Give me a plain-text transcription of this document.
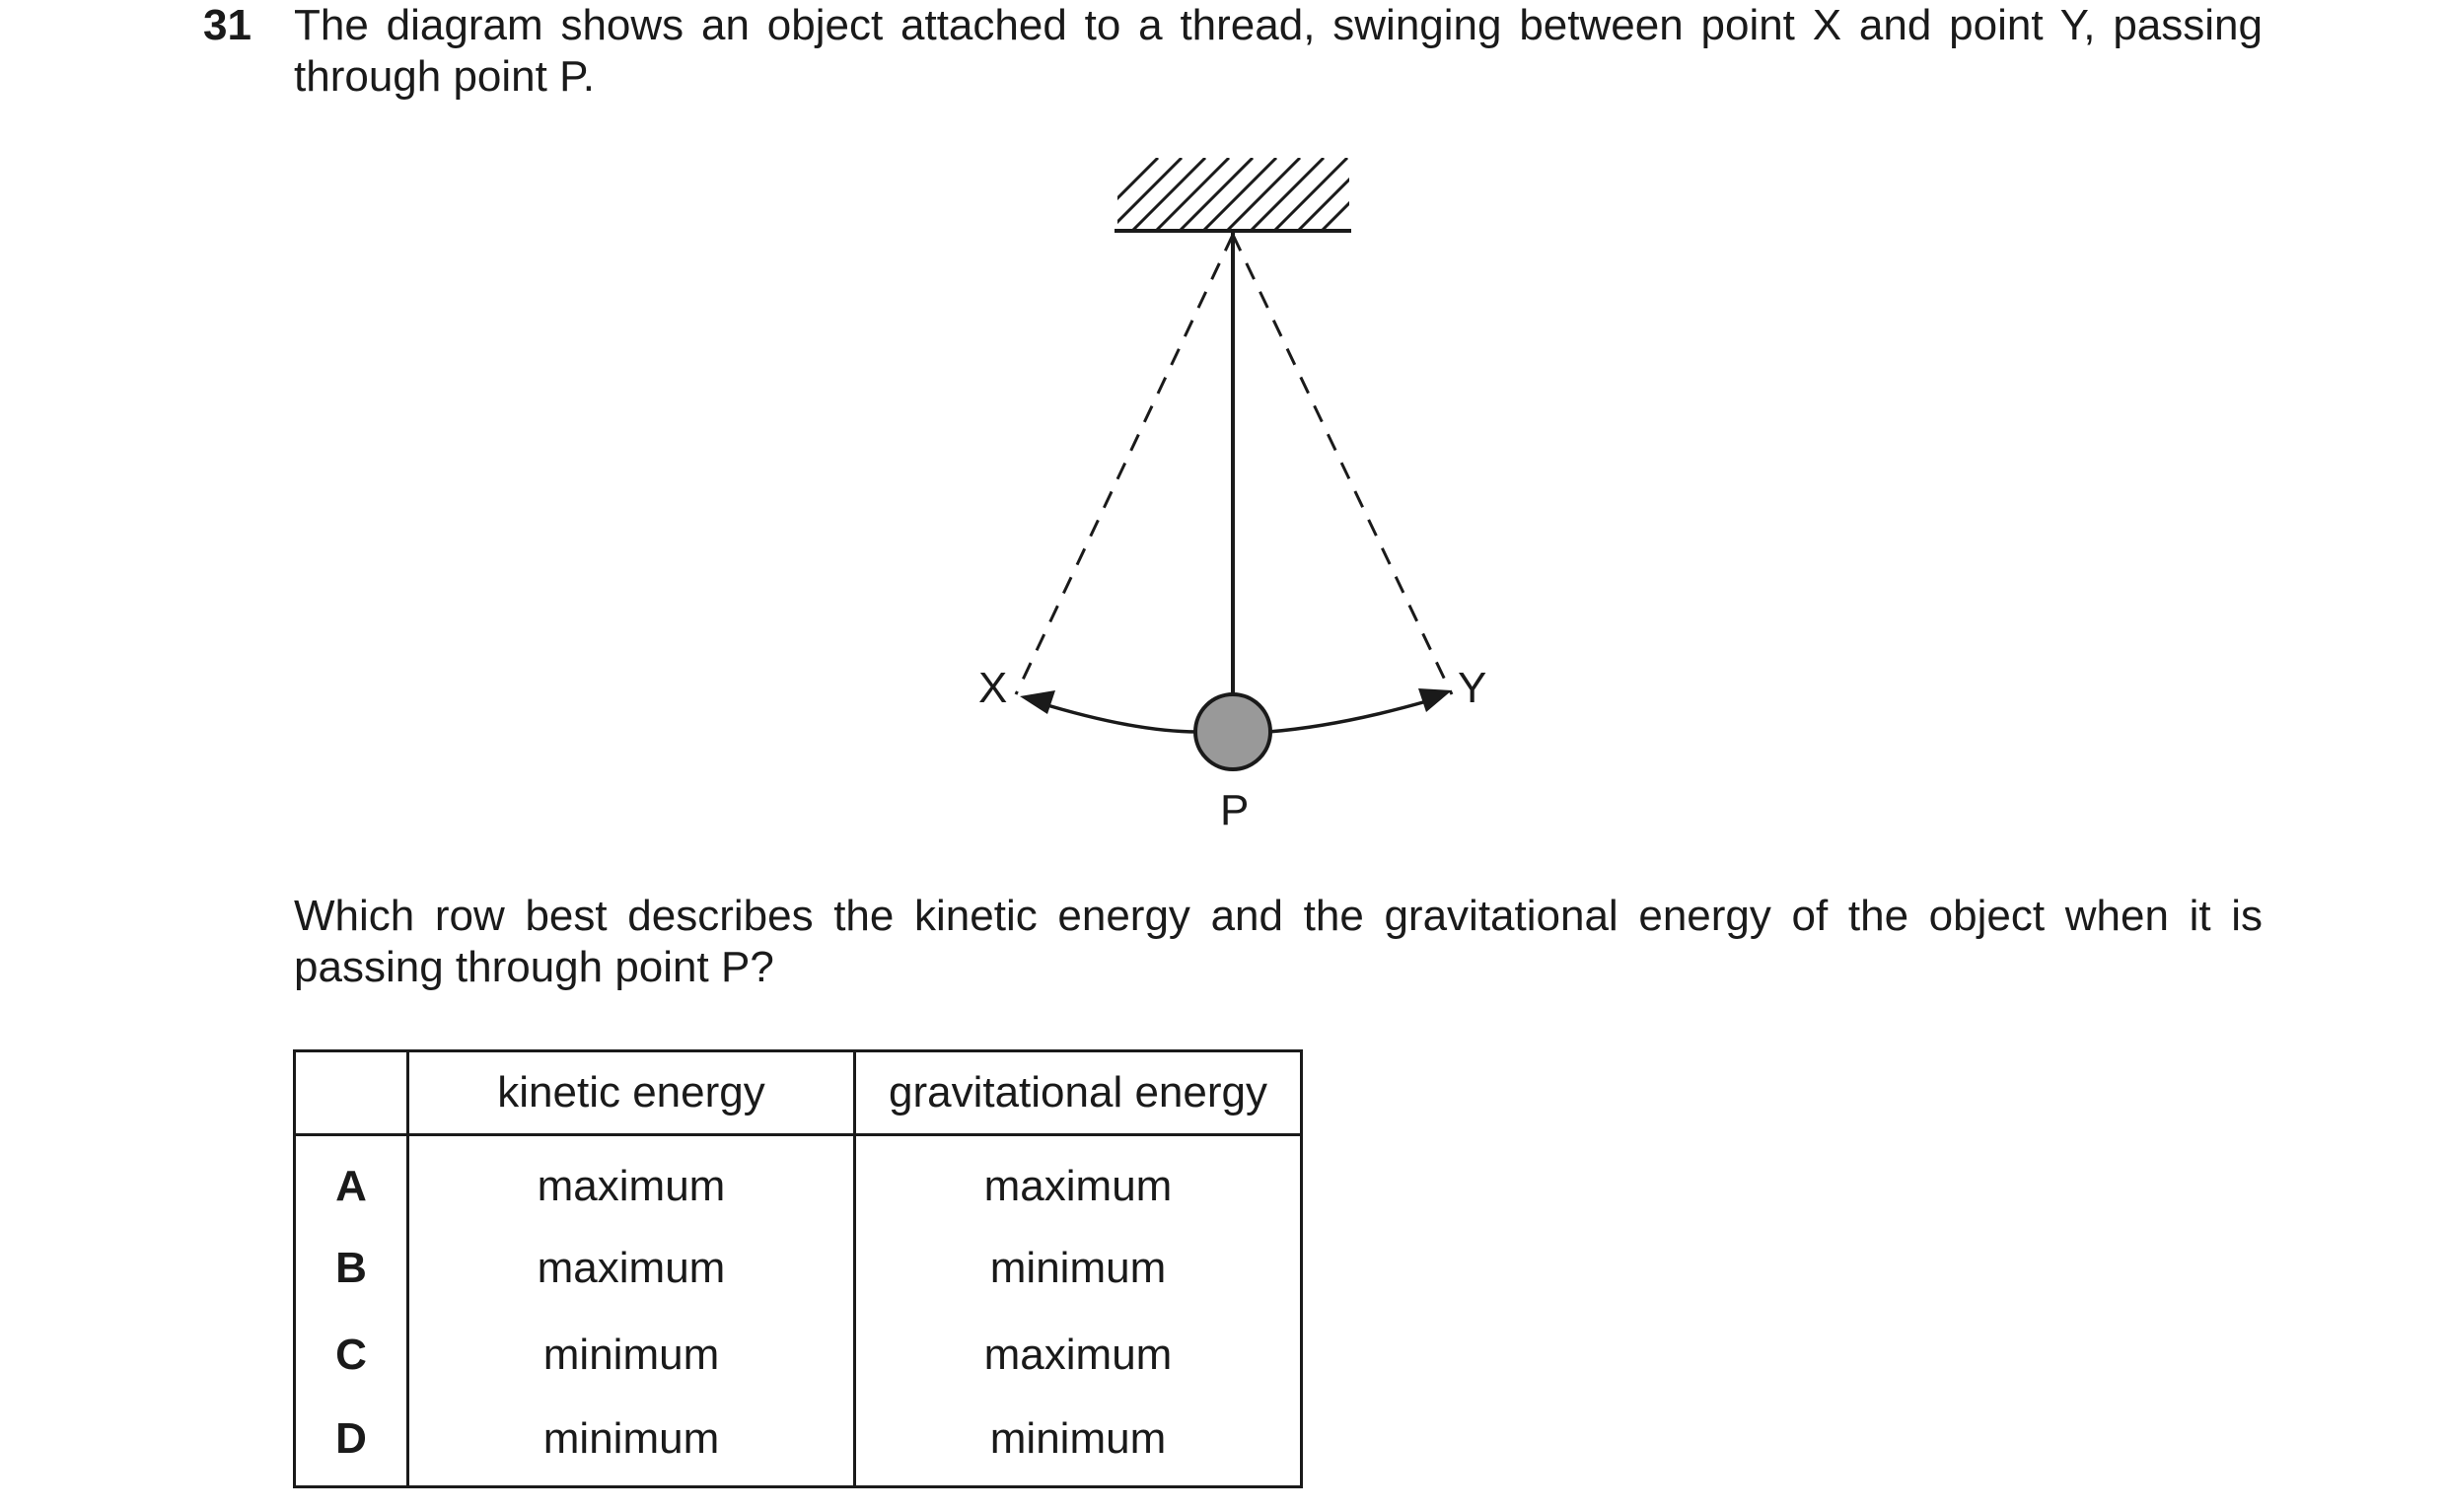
31 The diagram shows an object attached to a thread, swinging between point X and point Y, passing through point P.
X	Y
P
Which row best describes the kinetic energy and the gravitational energy of the object when it is passing through point P?
	kinetic energy	gravitational energy
A	maximum	maximum
B	maximum	minimum
C	minimum	maximum
D	minimum	minimum
